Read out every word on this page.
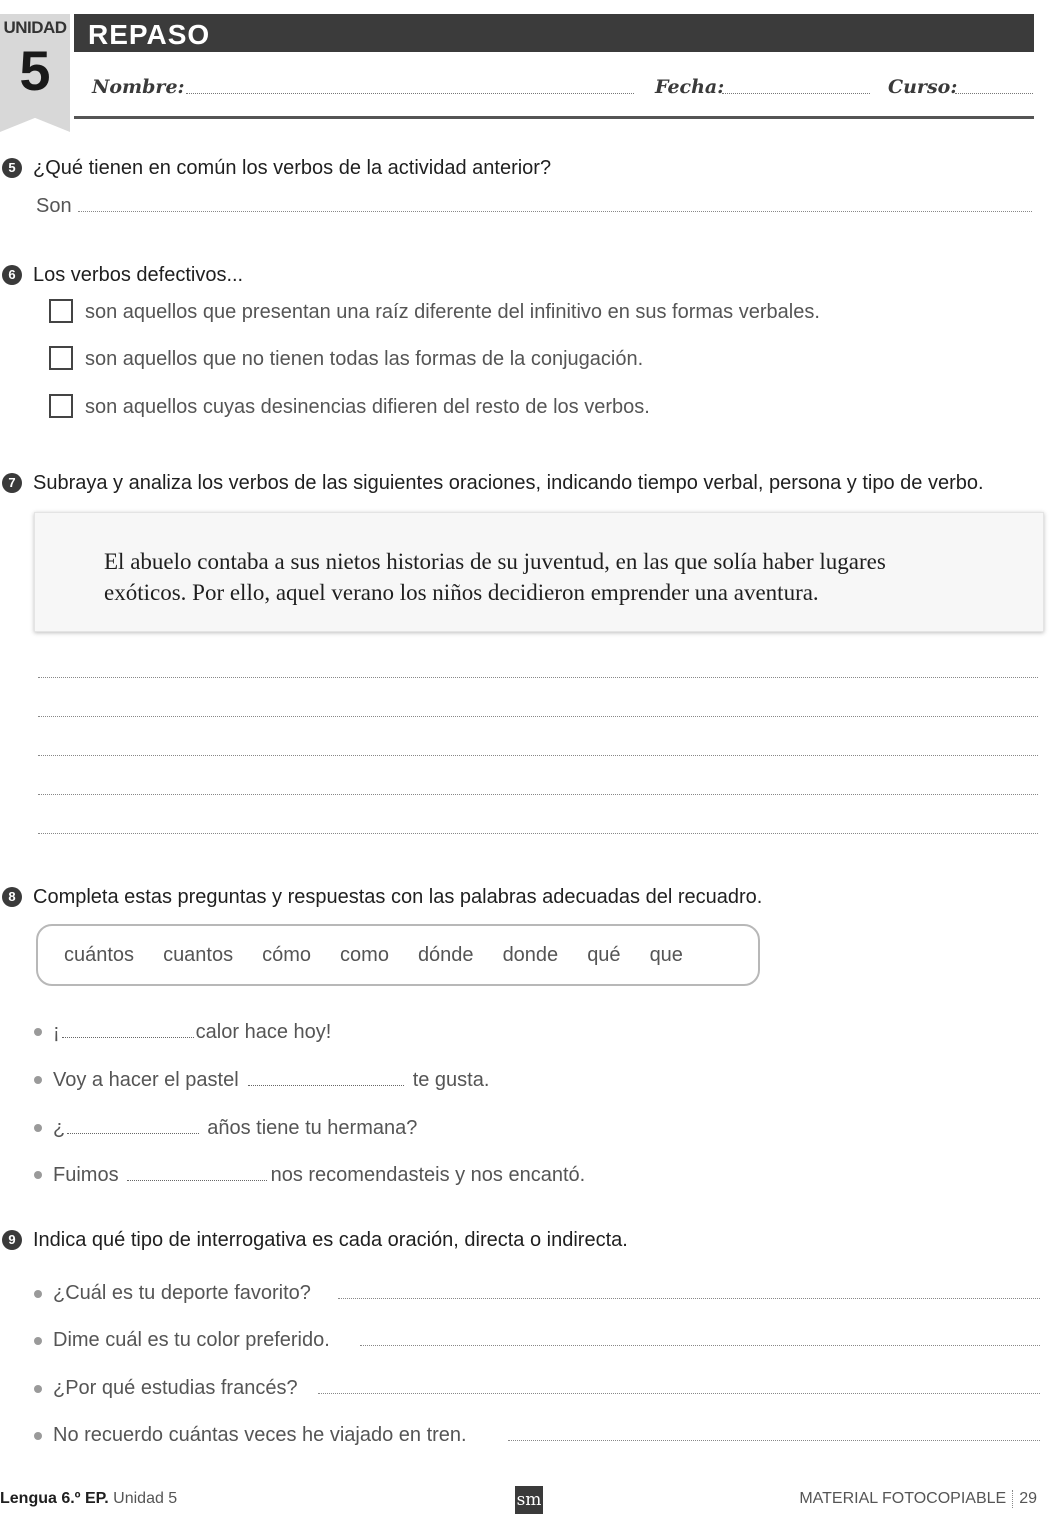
UNIDAD
5
REPASO
Nombre:	Fecha:	Curso:
5 ¿Qué tienen en común los verbos de la actividad anterior?
Son
6 Los verbos defectivos...
son aquellos que presentan una raíz diferente del infinitivo en sus formas verbales.
son aquellos que no tienen todas las formas de la conjugación.
son aquellos cuyas desinencias difieren del resto de los verbos.
7 Subraya y analiza los verbos de las siguientes oraciones, indicando tiempo verbal, persona y tipo de verbo.
El abuelo contaba a sus nietos historias de su juventud, en las que solía haber lugares
exóticos. Por ello, aquel verano los niños decidieron emprender una aventura.
8 Completa estas preguntas y respuestas con las palabras adecuadas del recuadro.
cuántos cuantos cómo como dónde donde qué que
¡	calor hace hoy!
Voy a hacer el pastel	te gusta.
¿	años tiene tu hermana?
Fuimos	nos recomendasteis y nos encantó.
9 Indica qué tipo de interrogativa es cada oración, directa o indirecta.
¿Cuál es tu deporte favorito?
Dime cuál es tu color preferido.
¿Por qué estudias francés?
No recuerdo cuántas veces he viajado en tren.
Lengua 6.º EP. Unidad 5	sm	MATERIAL FOTOCOPIABLE 29
